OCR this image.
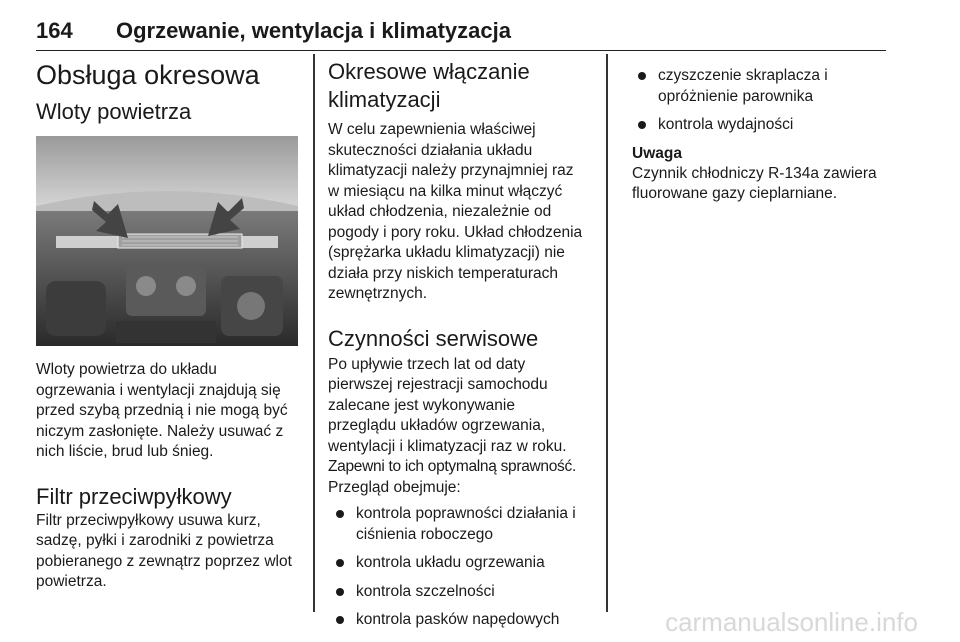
164 Ogrzewanie, wentylacja i klimatyzacja
Obsługa okresowa
Wloty powietrza

Wloty powietrza do układu
ogrzewania i wentylacji znajdują się
przed szybą przednią i nie mogą być
niczym zasłonięte. Należy usuwać z
nich liście, brud lub śnieg.

Filtr przeciwpyłkowy

Filtr przeciwpyłkowy usuwa kurz,
sadzę, pyłki i zarodniki z powietrza
pobieranego z zewnątrz poprzez wlot
powietrza.

Okresowe włączanie
klimatyzacji

W celu zapewnienia właściwej
skuteczności działania układu
klimatyzacji należy przynajmniej raz
w miesiącu na kilka minut włączyć
układ chłodzenia, niezależnie od
pogody i pory roku. Układ chłodzenia
(sprężarka układu klimatyzacji) nie
działa przy niskich temperaturach
zewnętrznych.

Czynności serwisowe

Po upływie trzech lat od daty
pierwszej rejestracji samochodu
zalecane jest wykonywanie
przeglądu układów ogrzewania,
wentylacji i klimatyzacji raz w roku.
Zapewni to ich optymalną sprawność.
Przegląd obejmuje:

kontrola poprawności działania i
ciśnienia roboczego
kontrola układu ogrzewania
kontrola szczelności
kontrola pasków napędowych
czyszczenie skraplacza i
opróżnienie parownika
kontrola wydajności
Uwaga

Czynnik chłodniczy R-134a zawiera
fluorowane gazy cieplarniane.

carmanualsonline.info
